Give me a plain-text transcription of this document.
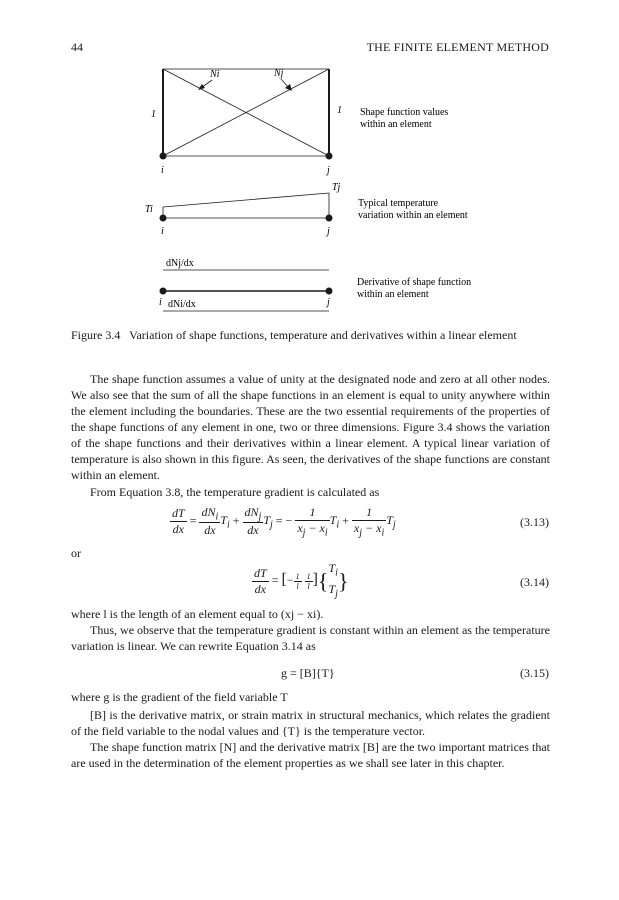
44	THE FINITE ELEMENT METHOD
Ni	Nj
1	1
i	j
Shape function values
within an element
Ti
Tj
i	j
Typical temperature
variation within an element
dNj/dx
dNi/dx
i	j
Derivative of shape function
within an element
Figure 3.4 Variation of shape functions, temperature and derivatives within a linear element
The shape function assumes a value of unity at the designated node and zero at all other nodes. We also see that the sum of all the shape functions in an element is equal to unity anywhere within the element including the boundaries. These are the two essential requirements of the properties of the shape functions of any element in one, two or three dimensions. Figure 3.4 shows the variation of the shape functions and their derivatives within a linear element. A typical linear variation of temperature is also shown in this figure. As seen, the derivatives of the shape functions are constant within an element.
From Equation 3.8, the temperature gradient is calculated as
$\frac{dT}{dx} = \frac{dN_i}{dx} T_i + \frac{dN_j}{dx} T_j$ = − $\frac{1}{x_j - x_i} T_i + \frac{1}{x_j - x_i} T_j$	(3.13)
or
$\frac{dT}{dx}$ = [− $\frac{1}{l}$
$\frac{1}{l} ]\{T_i$
$T_j$}	(3.14)
where l is the length of an element equal to (xj − xi).
Thus, we observe that the temperature gradient is constant within an element as the temperature variation is linear. We can rewrite Equation 3.14 as
g = [B]{T}	(3.15)
where g is the gradient of the field variable T
[B] is the derivative matrix, or strain matrix in structural mechanics, which relates the gradient of the field variable to the nodal values and {T} is the temperature vector.
The shape function matrix [N] and the derivative matrix [B] are the two important matrices that are used in the determination of the element properties as we shall see later in this chapter.
